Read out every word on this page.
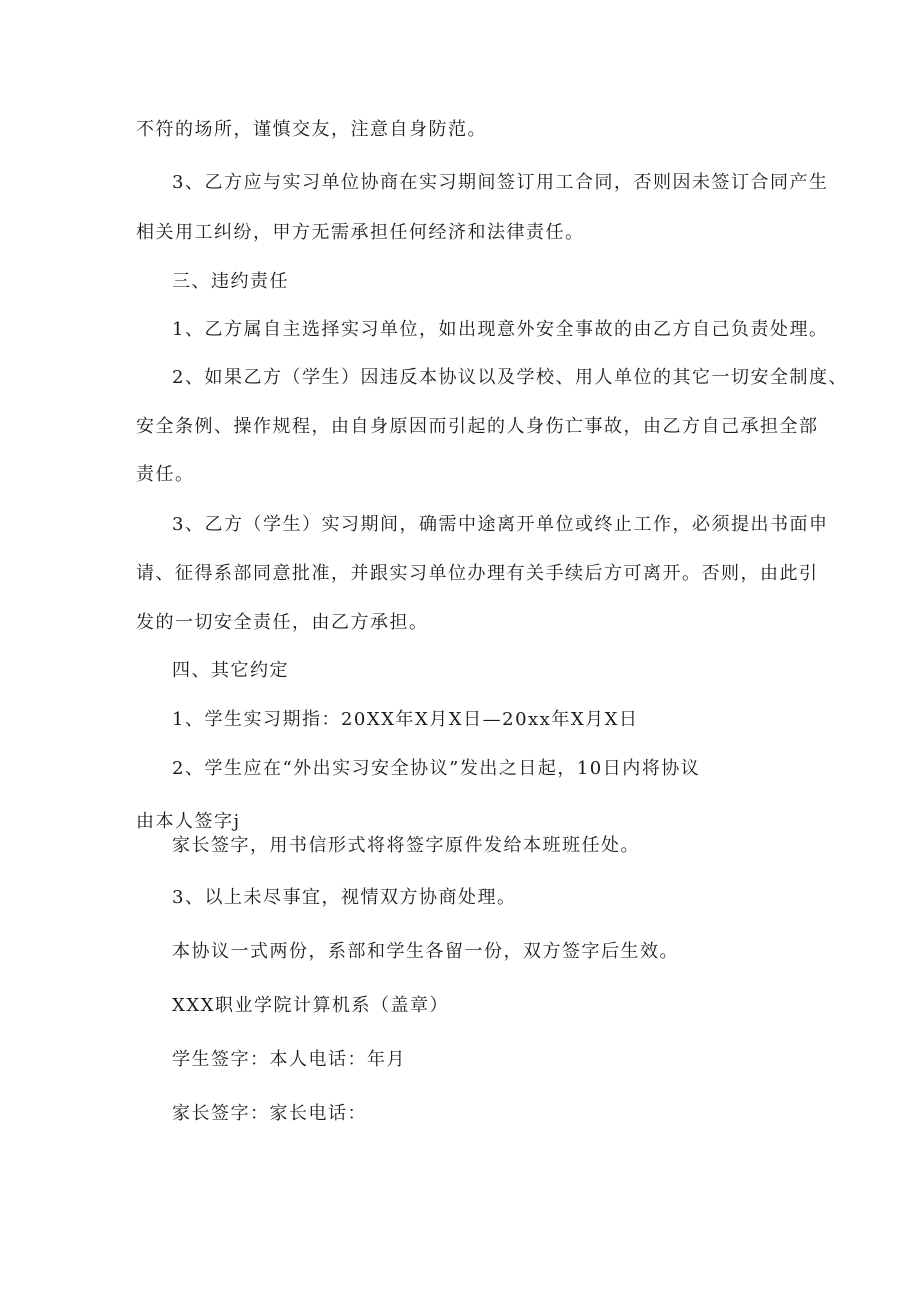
不符的场所，谨慎交友，注意自身防范。
3、乙方应与实习单位协商在实习期间签订用工合同，否则因未签订合同产生
相关用工纠纷，甲方无需承担任何经济和法律责任。
三、违约责任
1、乙方属自主选择实习单位，如出现意外安全事故的由乙方自己负责处理。
2、如果乙方（学生）因违反本协议以及学校、用人单位的其它一切安全制度、
安全条例、操作规程，由自身原因而引起的人身伤亡事故，由乙方自己承担全部
责任。
3、乙方（学生）实习期间，确需中途离开单位或终止工作，必须提出书面申
请、征得系部同意批准，并跟实习单位办理有关手续后方可离开。否则，由此引
发的一切安全责任，由乙方承担。
四、其它约定
1、学生实习期指：20XX年X月X日—20xx年X月X日
2、学生应在“外出实习安全协议”发出之日起，10日内将协议
由本人签字j
家长签字，用书信形式将将签字原件发给本班班任处。
3、以上未尽事宜，视情双方协商处理。
本协议一式两份，系部和学生各留一份，双方签字后生效。
XXX职业学院计算机系（盖章）
学生签字：本人电话：年月
家长签字：家长电话：
